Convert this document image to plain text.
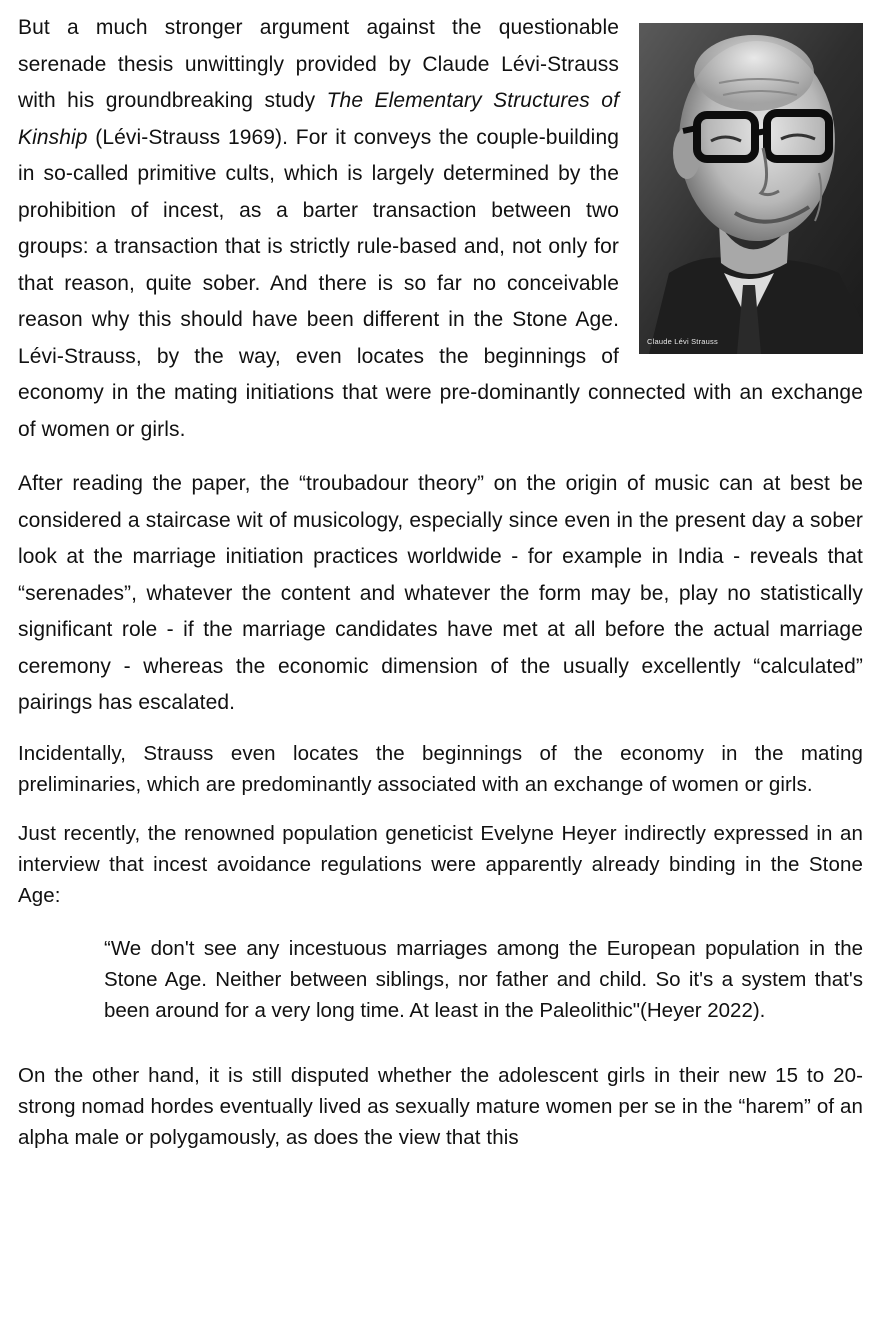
Claude Lévi Strauss

But a much stronger argument against the questionable serenade thesis unwittingly provided by Claude Lévi-Strauss with his groundbreaking study The Elementary Structures of Kinship (Lévi-Strauss 1969). For it conveys the couple-building in so-called primitive cults, which is largely determined by the prohibition of incest, as a barter transaction between two groups: a transaction that is strictly rule-based and, not only for that reason, quite sober. And there is so far no conceivable reason why this should have been different in the Stone Age. Lévi-Strauss, by the way, even locates the beginnings of economy in the mating initiations that were pre-dominantly connected with an exchange of women or girls.

After reading the paper, the “troubadour theory” on the origin of music can at best be considered a staircase wit of musicology, especially since even in the present day a sober look at the marriage initiation practices worldwide - for example in India - reveals that “serenades”, whatever the content and whatever the form may be, play no statistically significant role - if the marriage candidates have met at all before the actual marriage ceremony - whereas the economic dimension of the usually excellently “calculated” pairings has escalated.

Incidentally, Strauss even locates the beginnings of the economy in the mating preliminaries, which are predominantly associated with an exchange of women or girls.

Just recently, the renowned population geneticist Evelyne Heyer indirectly expressed in an interview that incest avoidance regulations were apparently already binding in the Stone Age:

“We don't see any incestuous marriages among the European population in the Stone Age. Neither between siblings, nor father and child. So it's a system that's been around for a very long time. At least in the Paleolithic"(Heyer 2022).

On the other hand, it is still disputed whether the adolescent girls in their new 15 to 20-strong nomad hordes eventually lived as sexually mature women per se in the “harem” of an alpha male or polygamously, as does the view that this
